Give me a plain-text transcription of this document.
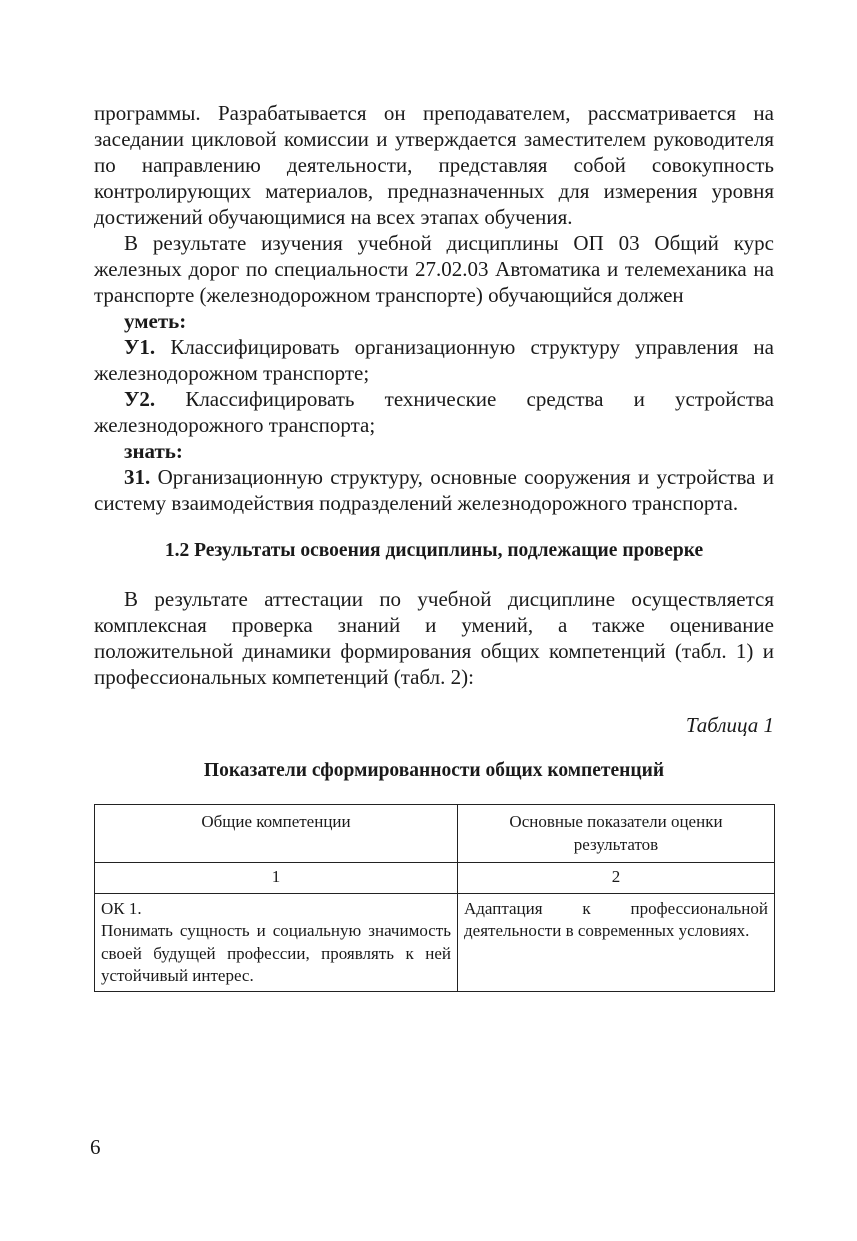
программы. Разрабатывается он преподавателем, рассматривается на заседании цикловой комиссии и утверждается заместителем руководителя по направлению деятельности, представляя собой совокупность контролирующих материалов, предназначенных для измерения уровня достижений обучающимися на всех этапах обучения.

В результате изучения учебной дисциплины ОП 03 Общий курс железных дорог по специальности 27.02.03 Автоматика и телемеханика на транспорте (железнодорожном транспорте) обучающийся должен

уметь:

У1. Классифицировать организационную структуру управления на железнодорожном транспорте;

У2. Классифицировать технические средства и устройства железнодорожного транспорта;

знать:

31. Организационную структуру, основные сооружения и устройства и систему взаимодействия подразделений железнодорожного транспорта.

1.2 Результаты освоения дисциплины, подлежащие проверке

В результате аттестации по учебной дисциплине осуществляется комплексная проверка знаний и умений, а также оценивание положительной динамики формирования общих компетенций (табл. 1) и профессиональных компетенций (табл. 2):

Таблица 1
Показатели сформированности общих компетенций
Общие компетенции	Основные показатели оценки результатов
1	2

ОК 1.
Понимать сущность и социальную значимость своей будущей профессии, проявлять к ней устойчивый интерес.	Адаптация к профессиональной деятельности в современных условиях.
6
